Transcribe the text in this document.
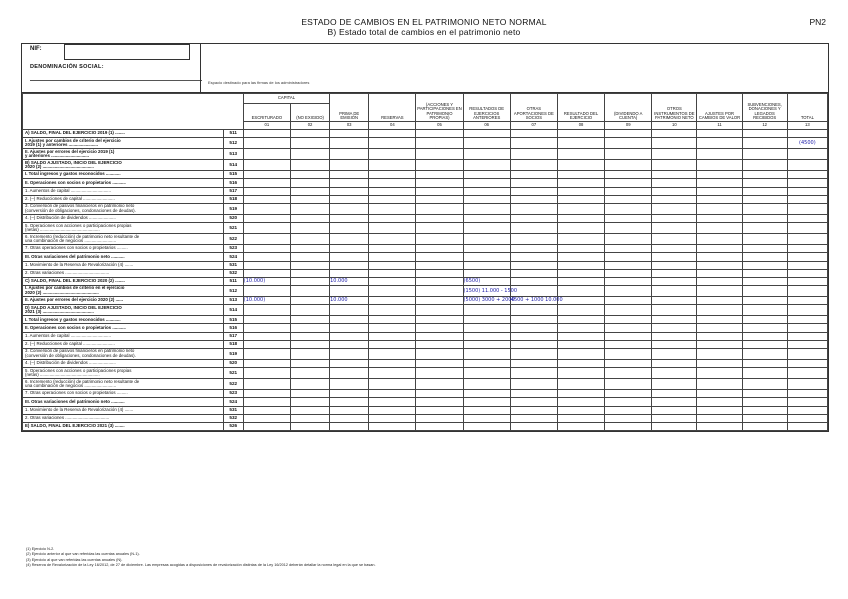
ESTADO DE CAMBIOS EN EL PATRIMONIO NETO NORMAL
B) Estado total de cambios en el patrimonio neto
PN2
NIF:
DENOMINACIÓN SOCIAL:
Espacio destinado para las firmas de los administradores
		CAPITAL		PRIMA DE EMISIÓN	RESERVAS	(ACCIONES Y PARTICIPACIONES EN PATRIMONIO PROPIAS)	RESULTADOS DE EJERCICIOS ANTERIORES	OTRAS APORTACIONES DE SOCIOS	RESULTADO DEL EJERCICIO	(DIVIDENDO A CUENTA)	OTROS INSTRUMENTOS DE PATRIMONIO NETO	AJUSTES POR CAMBIOS DE VALOR	SUBVENCIONES, DONACIONES Y LEGADOS RECIBIDOS	TOTAL
		ESCRITURADO	(NO EXIGIDO)											
		01	02	03	04	05	06	07	08	09	10	11	12	13
A) SALDO, FINAL DEL EJERCICIO 2019 (1) ........	511													
I. Ajustes por cambios de criterio del ejercicio
2019 (1) y anteriores ........................	512													(4500)
II. Ajustes por errores del ejercicio 2019 (1)
y anteriores ...............................	513													
B) SALDO AJUSTADO, INICIO DEL EJERCICIO
2020 (2) ..........................................	514													
I. Total ingresos y gastos reconocidos ............	515													
II. Operaciones con socios o propietarios ...........	516													
1. Aumentos de capital .................................	517													
2. (–) Reducciones de capital ..........................	518													
3. Conversión de pasivos financieros en patrimonio neto
(conversión de obligaciones, condonaciones de deudas).	519													
4. (–) Distribución de dividendos ......................	520													
5. Operaciones con acciones o participaciones propias
(netas) .................................................	521													
6. Incremento (reducción) de patrimonio neto resultante de
una combinación de negocios ..........................	522													
7. Otras operaciones con socios o propietarios .........	523													
III. Otras variaciones del patrimonio neto ...........	524													
1. Movimiento de la Reserva de Revalorización (4) .......	531													
2. Otras variaciones ....................................	532													
C) SALDO, FINAL DEL EJERCICIO 2020 (2) ........	511	(10.000)		10.000			(6500)							
I. Ajustes por cambios de criterio en el ejercicio
2020 (2) ..............................................	512						(1500) 11.000 - 1500							
II. Ajustes por errores del ejercicio 2020 (2) ......	513	(10.000)		10.000			(5000) 3000 + 2000	4500 + 1000 10.000						
D) SALDO AJUSTADO, INICIO DEL EJERCICIO
2021 (3) ..........................................	514													
I. Total ingresos y gastos reconocidos ............	515													
II. Operaciones con socios o propietarios ...........	516													
1. Aumentos de capital .................................	517													
2. (–) Reducciones de capital ..........................	518													
3. Conversión de pasivos financieros en patrimonio neto
(conversión de obligaciones, condonaciones de deudas).	519													
4. (–) Distribución de dividendos ......................	520													
5. Operaciones con acciones o participaciones propias
(netas) .................................................	521													
6. Incremento (reducción) de patrimonio neto resultante de
una combinación de negocios ..........................	522													
7. Otras operaciones con socios o propietarios .........	523													
III. Otras variaciones del patrimonio neto ...........	524													
1. Movimiento de la Reserva de Revalorización (4) .......	531													
2. Otras variaciones ....................................	532													
E) SALDO, FINAL DEL EJERCICIO 2021 (3) ........	526													
(1) Ejercicio N-2.
(2) Ejercicio anterior al que van referidas las cuentas anuales (N-1).
(3) Ejercicio al que van referidas las cuentas anuales (N).
(4) Reserva de Revalorización de la Ley 16/2012, de 27 de diciembre. Las empresas acogidas a disposiciones de revalorización distintas de la Ley 16/2012 deberán detallar la norma legal en la que se basan.
